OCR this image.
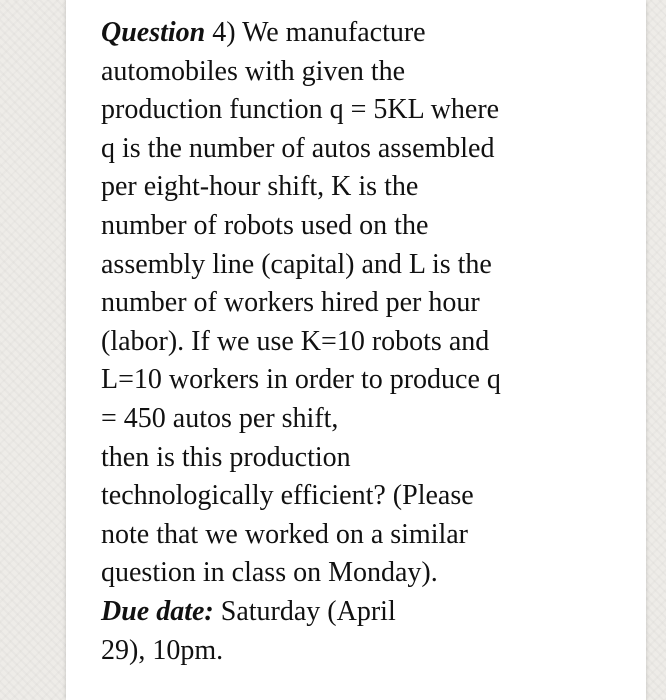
Question 4) We manufacture
automobiles with given the
production function q = 5KL where
q is the number of autos assembled
per eight-hour shift, K is the
number of robots used on the
assembly line (capital) and L is the
number of workers hired per hour
(labor). If we use K=10 robots and
L=10 workers in order to produce q
= 450 autos per shift,
then is this production
technologically efficient? (Please
note that we worked on a similar
question in class on Monday).
Due date: Saturday (April
29), 10pm.
